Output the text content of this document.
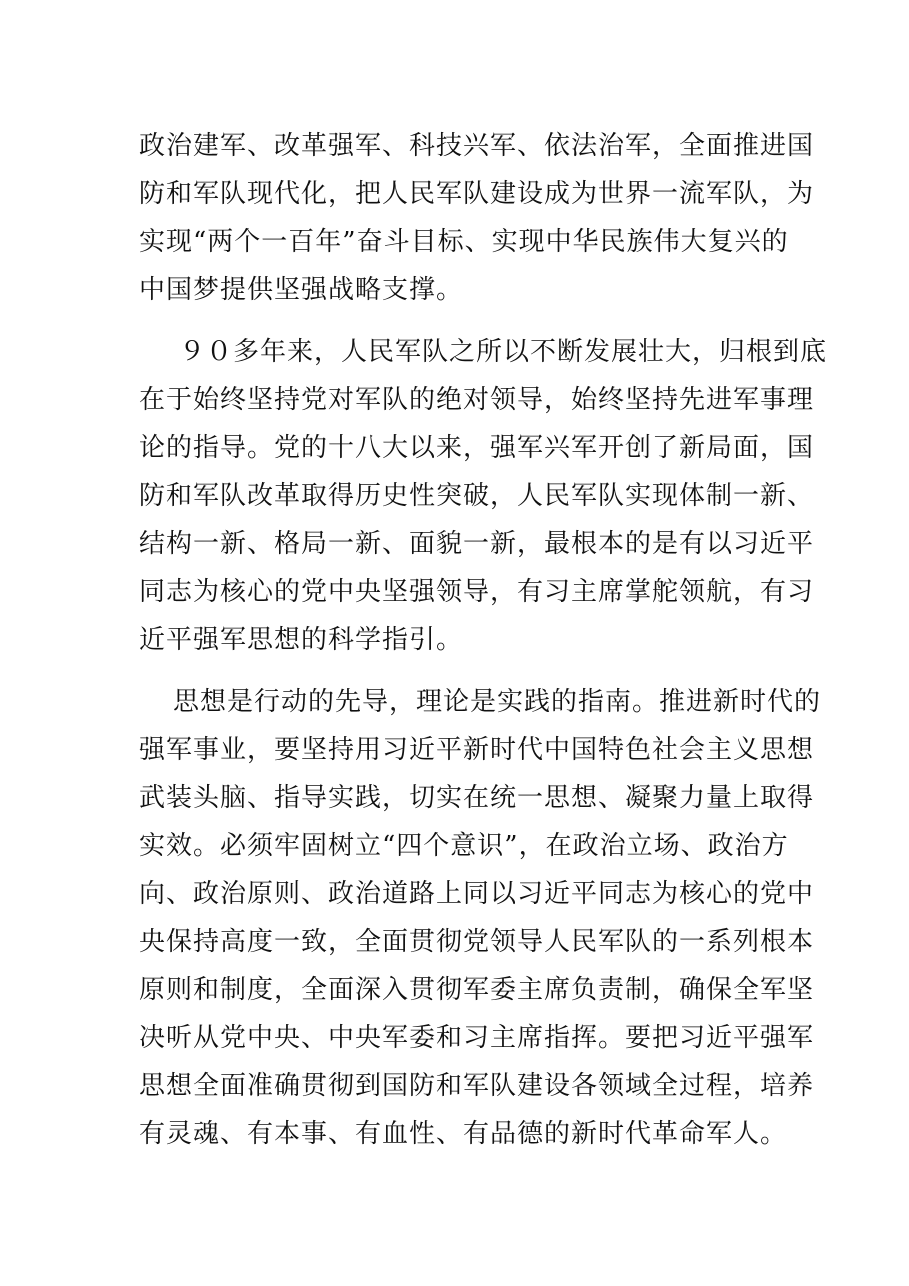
政治建军、改革强军、科技兴军、依法治军，全面推进国
防和军队现代化，把人民军队建设成为世界一流军队，为
实现“两个一百年”奋斗目标、实现中华民族伟大复兴的
中国梦提供坚强战略支撑。

９０多年来，人民军队之所以不断发展壮大，归根到底
在于始终坚持党对军队的绝对领导，始终坚持先进军事理
论的指导。党的十八大以来，强军兴军开创了新局面，国
防和军队改革取得历史性突破，人民军队实现体制一新、
结构一新、格局一新、面貌一新，最根本的是有以习近平
同志为核心的党中央坚强领导，有习主席掌舵领航，有习
近平强军思想的科学指引。

思想是行动的先导，理论是实践的指南。推进新时代的
强军事业，要坚持用习近平新时代中国特色社会主义思想
武装头脑、指导实践，切实在统一思想、凝聚力量上取得
实效。必须牢固树立“四个意识”，在政治立场、政治方
向、政治原则、政治道路上同以习近平同志为核心的党中
央保持高度一致，全面贯彻党领导人民军队的一系列根本
原则和制度，全面深入贯彻军委主席负责制，确保全军坚
决听从党中央、中央军委和习主席指挥。要把习近平强军
思想全面准确贯彻到国防和军队建设各领域全过程，培养
有灵魂、有本事、有血性、有品德的新时代革命军人。
